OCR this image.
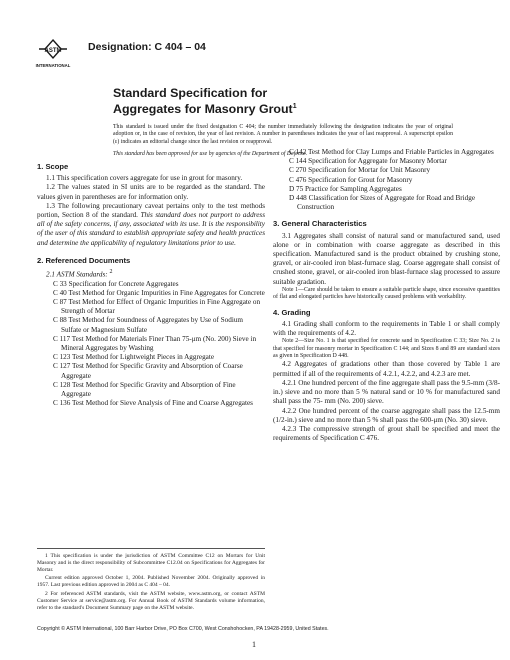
ASTM
INTERNATIONAL
Designation: C 404 – 04
Standard Specification for
Aggregates for Masonry Grout$^1$

This standard is issued under the fixed designation C 404; the number immediately following the designation indicates the year of original adoption or, in the case of revision, the year of last revision. A number in parentheses indicates the year of last reapproval. A superscript epsilon (ε) indicates an editorial change since the last revision or reapproval.

This standard has been approved for use by agencies of the Department of Defense.

1. Scope

1.1 This specification covers aggregate for use in grout for masonry.

1.2 The values stated in SI units are to be regarded as the standard. The values given in parentheses are for information only.

1.3 The following precautionary caveat pertains only to the test methods portion, Section 8 of the standard. This standard does not purport to address all of the safety concerns, if any, associated with its use. It is the responsibility of the user of this standard to establish appropriate safety and health practices and determine the applicability of regulatory limitations prior to use.

2. Referenced Documents

2.1 ASTM Standards: $^2$

C 33 Specification for Concrete Aggregates
C 40 Test Method for Organic Impurities in Fine Aggregates for Concrete
C 87 Test Method for Effect of Organic Impurities in Fine Aggregate on Strength of Mortar
C 88 Test Method for Soundness of Aggregates by Use of Sodium Sulfate or Magnesium Sulfate
C 117 Test Method for Materials Finer Than 75-μm (No. 200) Sieve in Mineral Aggregates by Washing
C 123 Test Method for Lightweight Pieces in Aggregate
C 127 Test Method for Specific Gravity and Absorption of Coarse Aggregate
C 128 Test Method for Specific Gravity and Absorption of Fine Aggregate
C 136 Test Method for Sieve Analysis of Fine and Coarse Aggregates
C 142 Test Method for Clay Lumps and Friable Particles in Aggregates
C 144 Specification for Aggregate for Masonry Mortar
C 270 Specification for Mortar for Unit Masonry
C 476 Specification for Grout for Masonry
D 75 Practice for Sampling Aggregates
D 448 Classification for Sizes of Aggregate for Road and Bridge Construction
3. General Characteristics

3.1 Aggregates shall consist of natural sand or manufactured sand, used alone or in combination with coarse aggregate as described in this specification. Manufactured sand is the product obtained by crushing stone, gravel, or air-cooled iron blast-furnace slag. Coarse aggregate shall consist of crushed stone, gravel, or air-cooled iron blast-furnace slag processed to assure suitable gradation.

Note 1—Care should be taken to ensure a suitable particle shape, since excessive quantities of flat and elongated particles have historically caused problems with workability.

4. Grading

4.1 Grading shall conform to the requirements in Table 1 or shall comply with the requirements of 4.2.

Note 2—Size No. 1 is that specified for concrete sand in Specification C 33; Size No. 2 is that specified for masonry mortar in Specification C 144; and Sizes 8 and 89 are standard sizes as given in Specification D 448.

4.2 Aggregates of gradations other than those covered by Table 1 are permitted if all of the requirements of 4.2.1, 4.2.2, and 4.2.3 are met.

4.2.1 One hundred percent of the fine aggregate shall pass the 9.5-mm (3/8-in.) sieve and no more than 5 % natural sand or 10 % for manufactured sand shall pass the 75- mm (No. 200) sieve.

4.2.2 One hundred percent of the coarse aggregate shall pass the 12.5-mm (1/2-in.) sieve and no more than 5 % shall pass the 600-μm (No. 30) sieve.

4.2.3 The compressive strength of grout shall be specified and meet the requirements of Specification C 476.

1 This specification is under the jurisdiction of ASTM Committee C12 on Mortars for Unit Masonry and is the direct responsibility of Subcommittee C12.04 on Specifications for Aggregates for Mortar.

Current edition approved October 1, 2004. Published November 2004. Originally approved in 1957. Last previous edition approved in 2004 as C 404 – 04.

2 For referenced ASTM standards, visit the ASTM website, www.astm.org, or contact ASTM Customer Service at service@astm.org. For Annual Book of ASTM Standards volume information, refer to the standard's Document Summary page on the ASTM website.

Copyright © ASTM International, 100 Barr Harbor Drive, PO Box C700, West Conshohocken, PA 19428-2959, United States.
1
